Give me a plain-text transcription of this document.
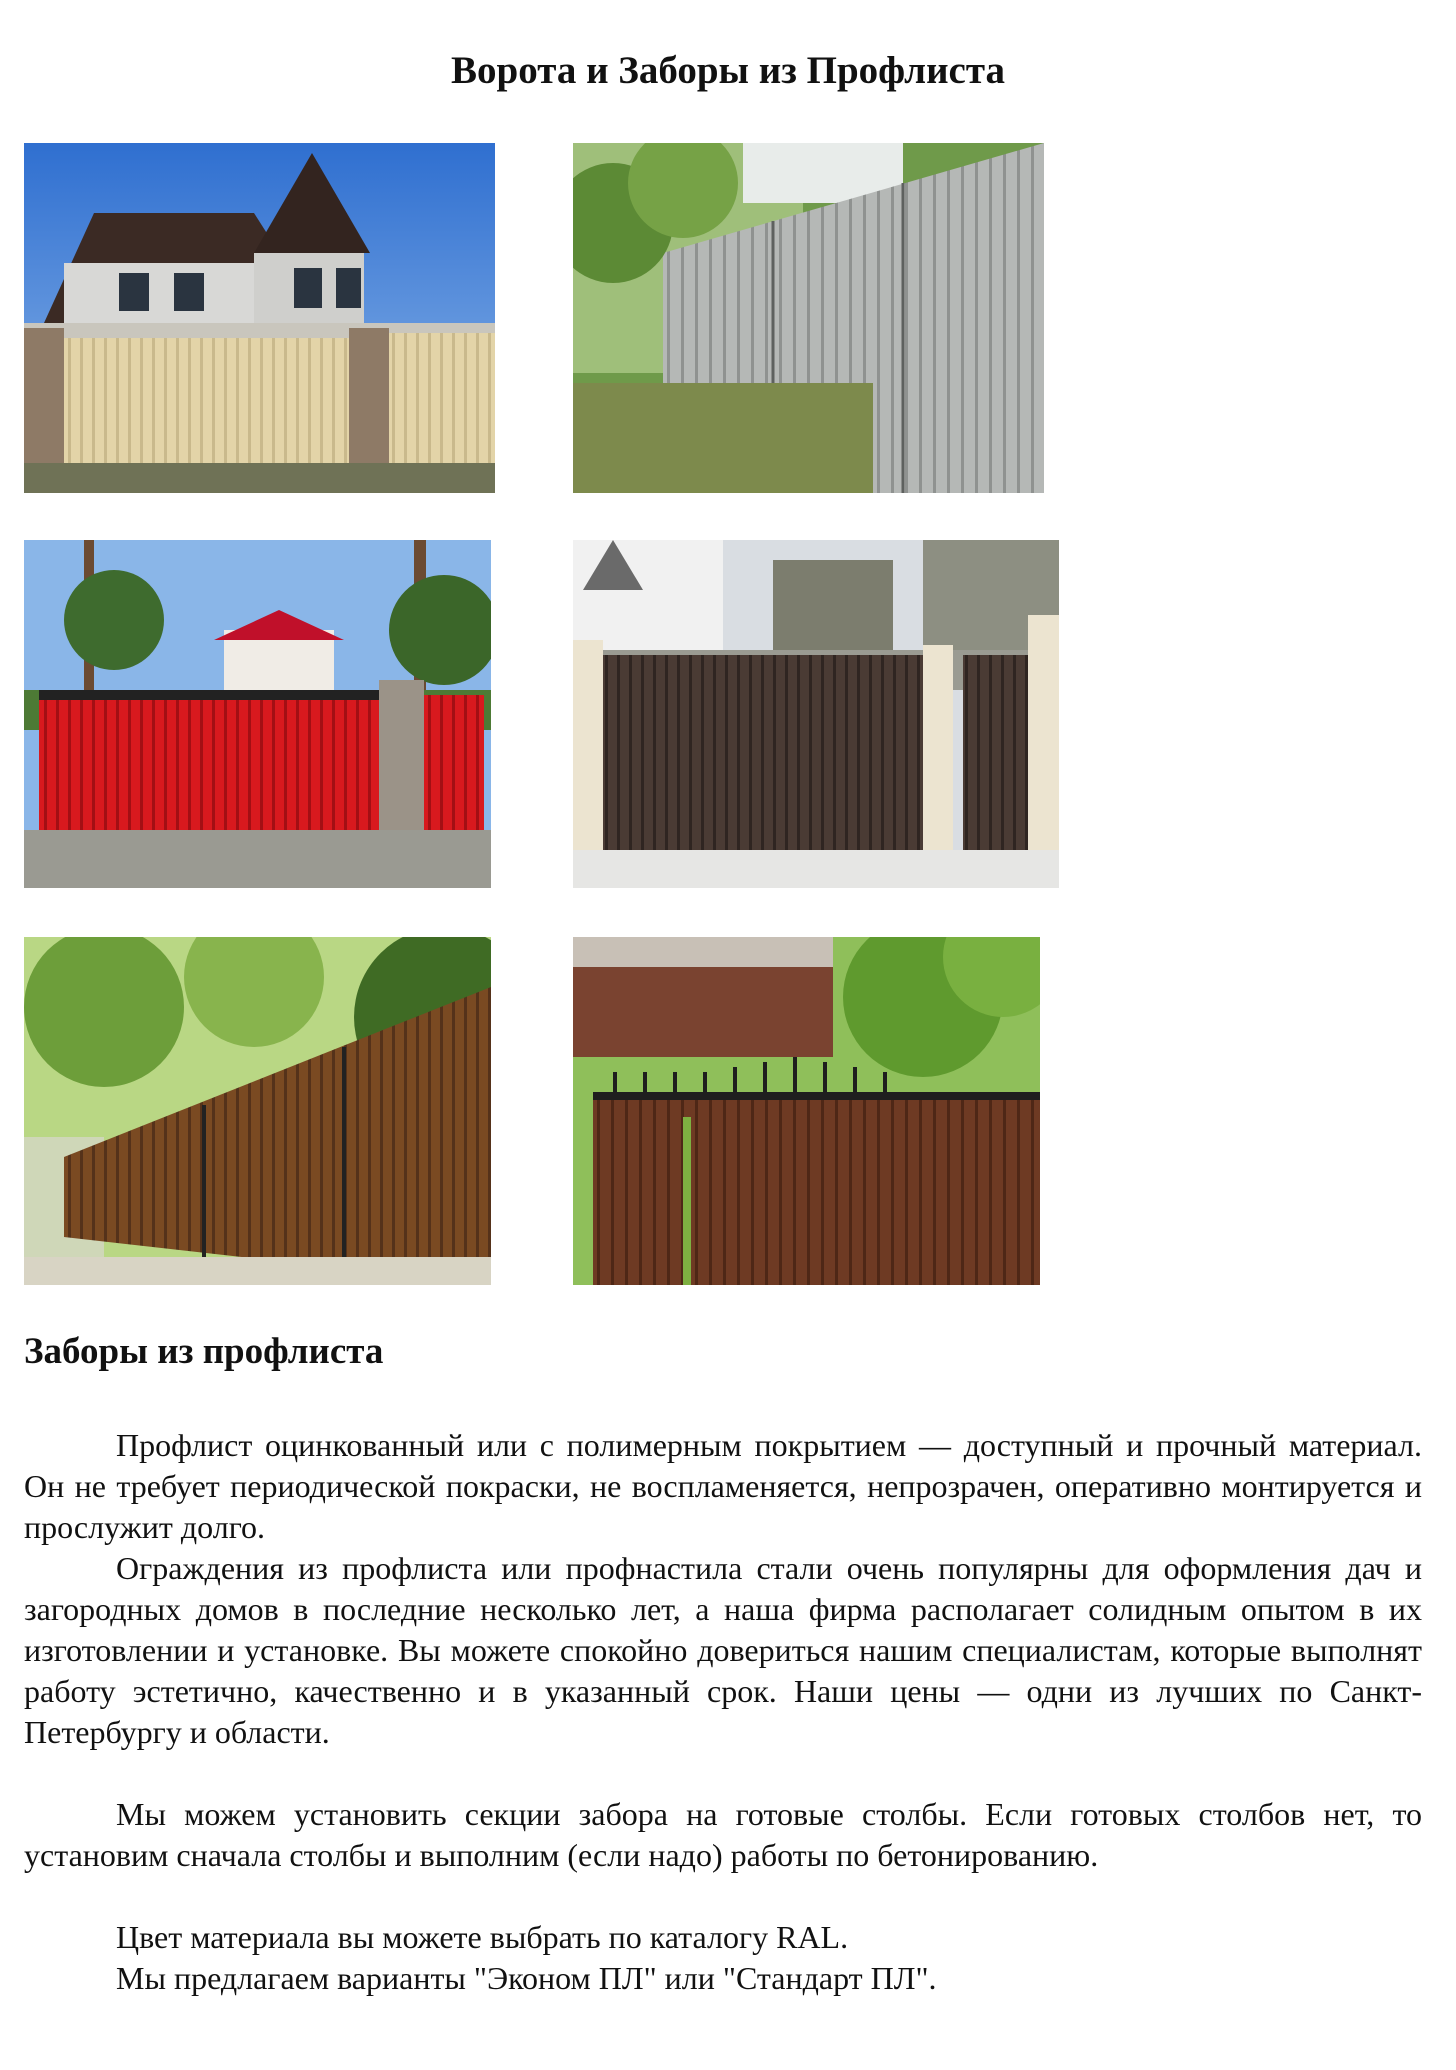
Ворота и Заборы из Профлиста
Заборы из профлиста

Профлист оцинкованный или с полимерным покрытием — доступный и прочный материал. Он не требует периодической покраски, не воспламеняется, непрозрачен, оперативно монтируется и прослужит долго.

Ограждения из профлиста или профнастила стали очень популярны для оформления дач и загородных домов в последние несколько лет, а наша фирма располагает солидным опытом в их изготовлении и установке. Вы можете спокойно довериться нашим специалистам, которые выполнят работу эстетично, качественно и в указанный срок. Наши цены — одни из лучших по Санкт-Петербургу и области.

Мы можем установить секции забора на готовые столбы. Если готовых столбов нет, то установим сначала столбы и выполним (если надо) работы по бетонированию.

Цвет материала вы можете выбрать по каталогу RAL.

Мы предлагаем варианты "Эконом ПЛ" или "Стандарт ПЛ".
